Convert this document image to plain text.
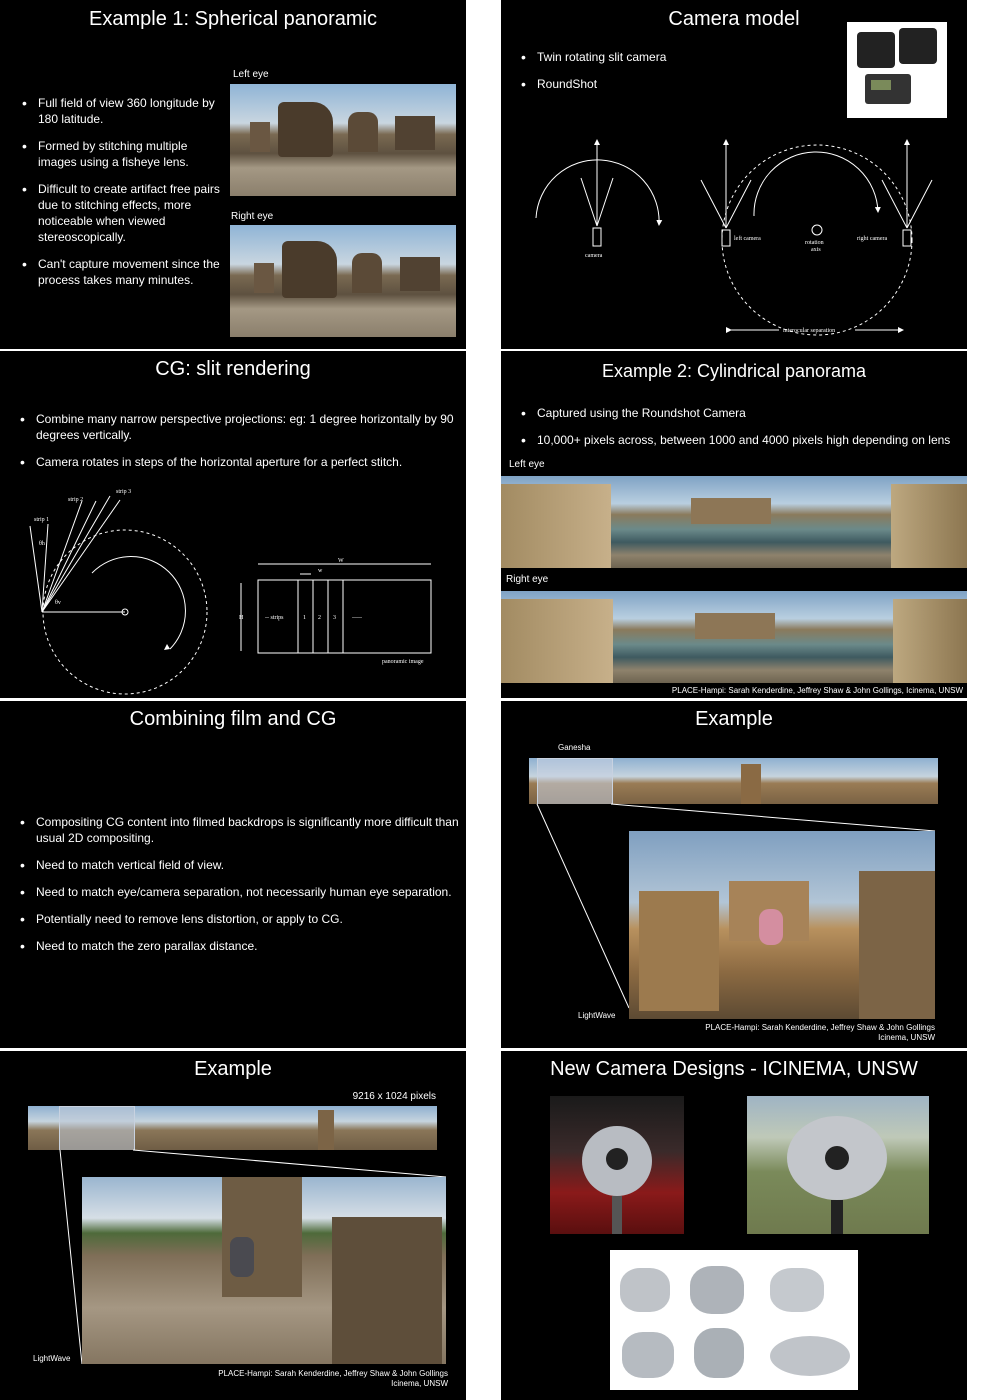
Example 1: Spherical panoramic
• Full field of view 360 longitude by 180 latitude.
• Formed by stitching multiple images using a fisheye lens.
• Difficult to create artifact free pairs due to stitching effects, more noticeable when viewed stereoscopically.
• Can't capture movement since the process takes many minutes.
Left eye
Right eye
Camera model
• Twin rotating slit camera
• RoundShot
camera
left camera	right camera
rotation
axis
interocular separation
CG: slit rendering
• Combine many narrow perspective projections: eg: 1 degree horizontally by 90 degrees vertically.
• Camera rotates in steps of the horizontal aperture for a perfect stitch.
strip 1
strip 2
strip 3
θh
θv
W
w
H	-- strips	1 2 3	-----
panoramic image
Example 2: Cylindrical panorama
• Captured using the Roundshot Camera
• 10,000+ pixels across, between 1000 and 4000 pixels high depending on lens
Left eye
Right eye
PLACE-Hampi: Sarah Kenderdine, Jeffrey Shaw & John Gollings, Icinema, UNSW
Combining film and CG
• Compositing CG content into filmed backdrops is significantly more difficult than usual 2D compositing.
• Need to match vertical field of view.
• Need to match eye/camera separation, not necessarily human eye separation.
• Potentially need to remove lens distortion, or apply to CG.
• Need to match the zero parallax distance.
Example
Ganesha
LightWave
PLACE-Hampi: Sarah Kenderdine, Jeffrey Shaw & John Gollings
Icinema, UNSW
Example
9216 x 1024 pixels
LightWave
PLACE-Hampi: Sarah Kenderdine, Jeffrey Shaw & John Gollings
Icinema, UNSW
New Camera Designs - ICINEMA, UNSW
